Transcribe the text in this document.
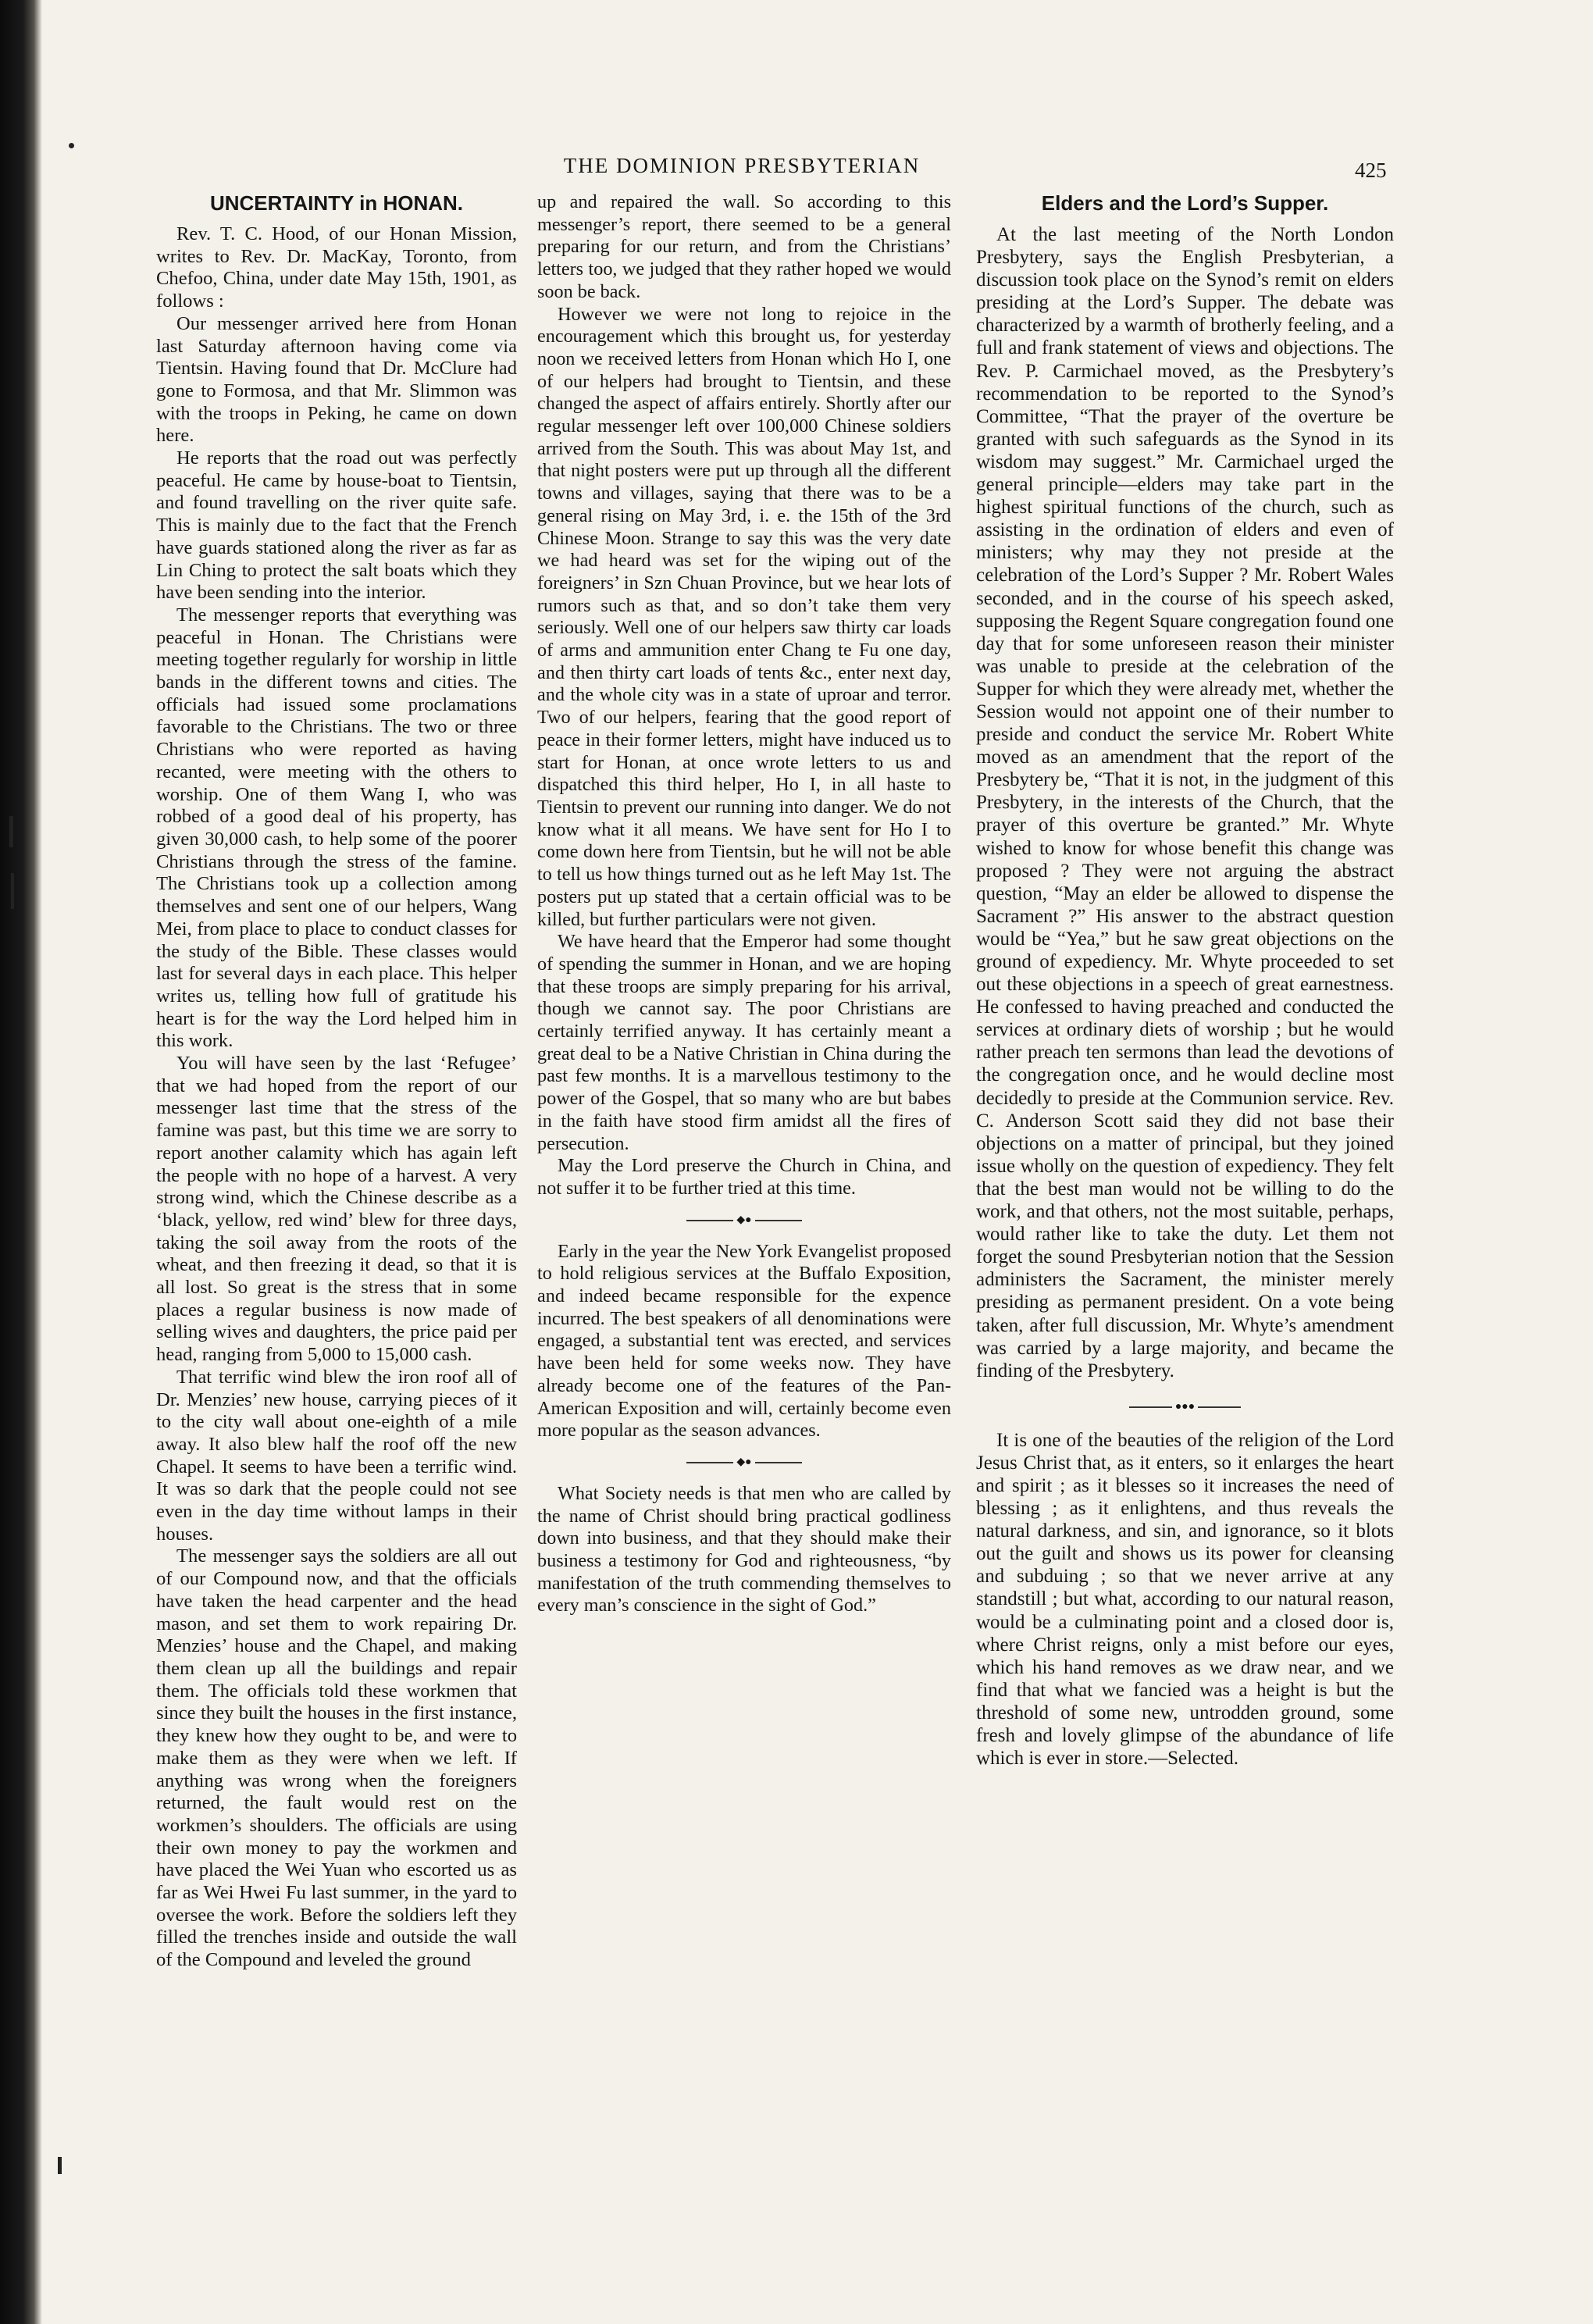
THE DOMINION PRESBYTERIAN	425
UNCERTAINTY in HONAN.

Rev. T. C. Hood, of our Honan Mission, writes to Rev. Dr. MacKay, Toronto, from Chefoo, China, under date May 15th, 1901, as follows :

Our messenger arrived here from Honan last Saturday afternoon having come via Tientsin. Having found that Dr. McClure had gone to Formosa, and that Mr. Slimmon was with the troops in Peking, he came on down here.

He reports that the road out was perfectly peaceful. He came by house-boat to Tientsin, and found travelling on the river quite safe. This is mainly due to the fact that the French have guards stationed along the river as far as Lin Ching to protect the salt boats which they have been sending into the interior.

The messenger reports that everything was peaceful in Honan. The Christians were meeting together regularly for worship in little bands in the different towns and cities. The officials had issued some proclamations favorable to the Christians. The two or three Christians who were reported as having recanted, were meeting with the others to worship. One of them Wang I, who was robbed of a good deal of his property, has given 30,000 cash, to help some of the poorer Christians through the stress of the famine. The Christians took up a collection among themselves and sent one of our helpers, Wang Mei, from place to place to conduct classes for the study of the Bible. These classes would last for several days in each place. This helper writes us, telling how full of gratitude his heart is for the way the Lord helped him in this work.

You will have seen by the last ‘Refugee’ that we had hoped from the report of our messenger last time that the stress of the famine was past, but this time we are sorry to report another calamity which has again left the people with no hope of a harvest. A very strong wind, which the Chinese describe as a ‘black, yellow, red wind’ blew for three days, taking the soil away from the roots of the wheat, and then freezing it dead, so that it is all lost. So great is the stress that in some places a regular business is now made of selling wives and daughters, the price paid per head, ranging from 5,000 to 15,000 cash.

That terrific wind blew the iron roof all of Dr. Menzies’ new house, carrying pieces of it to the city wall about one-eighth of a mile away. It also blew half the roof off the new Chapel. It seems to have been a terrific wind. It was so dark that the people could not see even in the day time without lamps in their houses.

The messenger says the soldiers are all out of our Compound now, and that the officials have taken the head carpenter and the head mason, and set them to work repairing Dr. Menzies’ house and the Chapel, and making them clean up all the buildings and repair them. The officials told these workmen that since they built the houses in the first instance, they knew how they ought to be, and were to make them as they were when we left. If anything was wrong when the foreigners returned, the fault would rest on the workmen’s shoulders. The officials are using their own money to pay the workmen and have placed the Wei Yuan who escorted us as far as Wei Hwei Fu last summer, in the yard to oversee the work. Before the soldiers left they filled the trenches inside and outside the wall of the Compound and leveled the ground

up and repaired the wall. So according to this messenger’s report, there seemed to be a general preparing for our return, and from the Christians’ letters too, we judged that they rather hoped we would soon be back.

However we were not long to rejoice in the encouragement which this brought us, for yesterday noon we received letters from Honan which Ho I, one of our helpers had brought to Tientsin, and these changed the aspect of affairs entirely. Shortly after our regular messenger left over 100,000 Chinese soldiers arrived from the South. This was about May 1st, and that night posters were put up through all the different towns and villages, saying that there was to be a general rising on May 3rd, i. e. the 15th of the 3rd Chinese Moon. Strange to say this was the very date we had heard was set for the wiping out of the foreigners’ in Szn Chuan Province, but we hear lots of rumors such as that, and so don’t take them very seriously. Well one of our helpers saw thirty car loads of arms and ammunition enter Chang te Fu one day, and then thirty cart loads of tents &c., enter next day, and the whole city was in a state of uproar and terror. Two of our helpers, fearing that the good report of peace in their former letters, might have induced us to start for Honan, at once wrote letters to us and dispatched this third helper, Ho I, in all haste to Tientsin to prevent our running into danger. We do not know what it all means. We have sent for Ho I to come down here from Tientsin, but he will not be able to tell us how things turned out as he left May 1st. The posters put up stated that a certain official was to be killed, but further particulars were not given.

We have heard that the Emperor had some thought of spending the summer in Honan, and we are hoping that these troops are simply preparing for his arrival, though we cannot say. The poor Christians are certainly terrified anyway. It has certainly meant a great deal to be a Native Christian in China during the past few months. It is a marvellous testimony to the power of the Gospel, that so many who are but babes in the faith have stood firm amidst all the fires of persecution.

May the Lord preserve the Church in China, and not suffer it to be further tried at this time.

◆●

Early in the year the New York Evangelist proposed to hold religious services at the Buffalo Exposition, and indeed became responsible for the expence incurred. The best speakers of all denominations were engaged, a substantial tent was erected, and services have been held for some weeks now. They have already become one of the features of the Pan-American Exposition and will, certainly become even more popular as the season advances.

◆●

What Society needs is that men who are called by the name of Christ should bring practical godliness down into business, and that they should make their business a testimony for God and righteousness, “by manifestation of the truth commending themselves to every man’s conscience in the sight of God.”

Elders and the Lord’s Supper.

At the last meeting of the North London Presbytery, says the English Presbyterian, a discussion took place on the Synod’s remit on elders presiding at the Lord’s Supper. The debate was characterized by a warmth of brotherly feeling, and a full and frank statement of views and objections. The Rev. P. Carmichael moved, as the Presbytery’s recommendation to be reported to the Synod’s Committee, “That the prayer of the overture be granted with such safeguards as the Synod in its wisdom may suggest.” Mr. Carmichael urged the general principle—elders may take part in the highest spiritual functions of the church, such as assisting in the ordination of elders and even of ministers; why may they not preside at the celebration of the Lord’s Supper ? Mr. Robert Wales seconded, and in the course of his speech asked, supposing the Regent Square congregation found one day that for some unforeseen reason their minister was unable to preside at the celebration of the Supper for which they were already met, whether the Session would not appoint one of their number to preside and conduct the service Mr. Robert White moved as an amendment that the report of the Presbytery be, “That it is not, in the judgment of this Presbytery, in the interests of the Church, that the prayer of this overture be granted.” Mr. Whyte wished to know for whose benefit this change was proposed ? They were not arguing the abstract question, “May an elder be allowed to dispense the Sacrament ?” His answer to the abstract question would be “Yea,” but he saw great objections on the ground of expediency. Mr. Whyte proceeded to set out these objections in a speech of great earnestness. He confessed to having preached and conducted the services at ordinary diets of worship ; but he would rather preach ten sermons than lead the devotions of the congregation once, and he would decline most decidedly to preside at the Communion service. Rev. C. Anderson Scott said they did not base their objections on a matter of principal, but they joined issue wholly on the question of expediency. They felt that the best man would not be willing to do the work, and that others, not the most suitable, perhaps, would rather like to take the duty. Let them not forget the sound Presbyterian notion that the Session administers the Sacrament, the minister merely presiding as permanent president. On a vote being taken, after full discussion, Mr. Whyte’s amendment was carried by a large majority, and became the finding of the Presbytery.

●●●

It is one of the beauties of the religion of the Lord Jesus Christ that, as it enters, so it enlarges the heart and spirit ; as it blesses so it increases the need of blessing ; as it enlightens, and thus reveals the natural darkness, and sin, and ignorance, so it blots out the guilt and shows us its power for cleansing and subduing ; so that we never arrive at any standstill ; but what, according to our natural reason, would be a culminating point and a closed door is, where Christ reigns, only a mist before our eyes, which his hand removes as we draw near, and we find that what we fancied was a height is but the threshold of some new, untrodden ground, some fresh and lovely glimpse of the abundance of life which is ever in store.—Selected.
